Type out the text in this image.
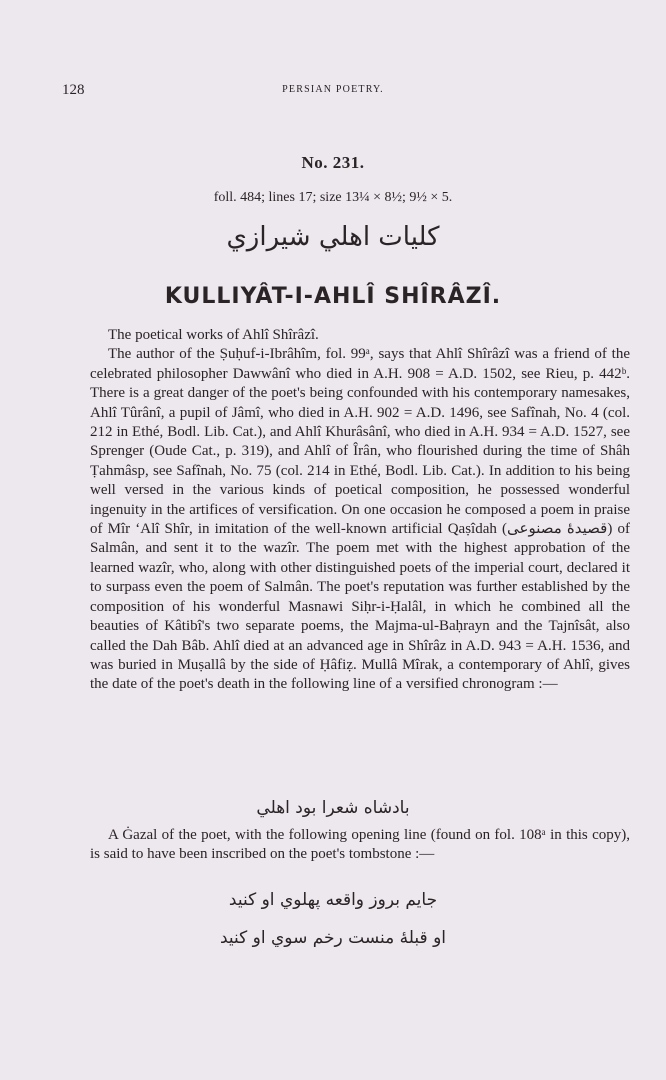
128	PERSIAN POETRY.
No. 231.
foll. 484; lines 17; size 13¼ × 8½; 9½ × 5.
كلیات اهلي شیرازي
KULLIYÂT-I-AHLÎ SHÎRÂZÎ.

The poetical works of Ahlî Shîrâzî.

The author of the Ṣuḥuf-i-Ibrâhîm, fol. 99ᵃ, says that Ahlî Shîrâzî was a friend of the celebrated philosopher Dawwânî who died in A.H. 908 = A.D. 1502, see Rieu, p. 442ᵇ. There is a great danger of the poet's being confounded with his contemporary namesakes, Ahlî Tûrânî, a pupil of Jâmî, who died in A.H. 902 = A.D. 1496, see Safînah, No. 4 (col. 212 in Ethé, Bodl. Lib. Cat.), and Ahlî Khurâsânî, who died in A.H. 934 = A.D. 1527, see Sprenger (Oude Cat., p. 319), and Ahlî of Îrân, who flourished during the time of Shâh Ṭahmâsp, see Safînah, No. 75 (col. 214 in Ethé, Bodl. Lib. Cat.). In addition to his being well versed in the various kinds of poetical composition, he possessed wonderful ingenuity in the artifices of versification. On one occasion he composed a poem in praise of Mîr ʻAlî Shîr, in imitation of the well-known artificial Qaṣîdah (قصیدهٔ مصنوعی) of Salmân, and sent it to the wazîr. The poem met with the highest approbation of the learned wazîr, who, along with other distinguished poets of the imperial court, declared it to surpass even the poem of Salmân. The poet's reputation was further established by the composition of his wonderful Masnawi Siḥr-i-Ḥalâl, in which he combined all the beauties of Kâtibî's two separate poems, the Majma-ul-Baḥrayn and the Tajnîsât, also called the Dah Bâb. Ahlî died at an advanced age in Shîrâz in A.D. 943 = A.H. 1536, and was buried in Muṣallâ by the side of Ḥâfiẓ. Mullâ Mîrak, a contemporary of Ahlî, gives the date of the poet's death in the following line of a versified chronogram :—

بادشاه شعرا بود اهلي

A Ġazal of the poet, with the following opening line (found on fol. 108ᵃ in this copy), is said to have been inscribed on the poet's tombstone :—

جایم بروز واقعه پهلوي او کنید
او قبلهٔ منست رخم سوي او کنید
